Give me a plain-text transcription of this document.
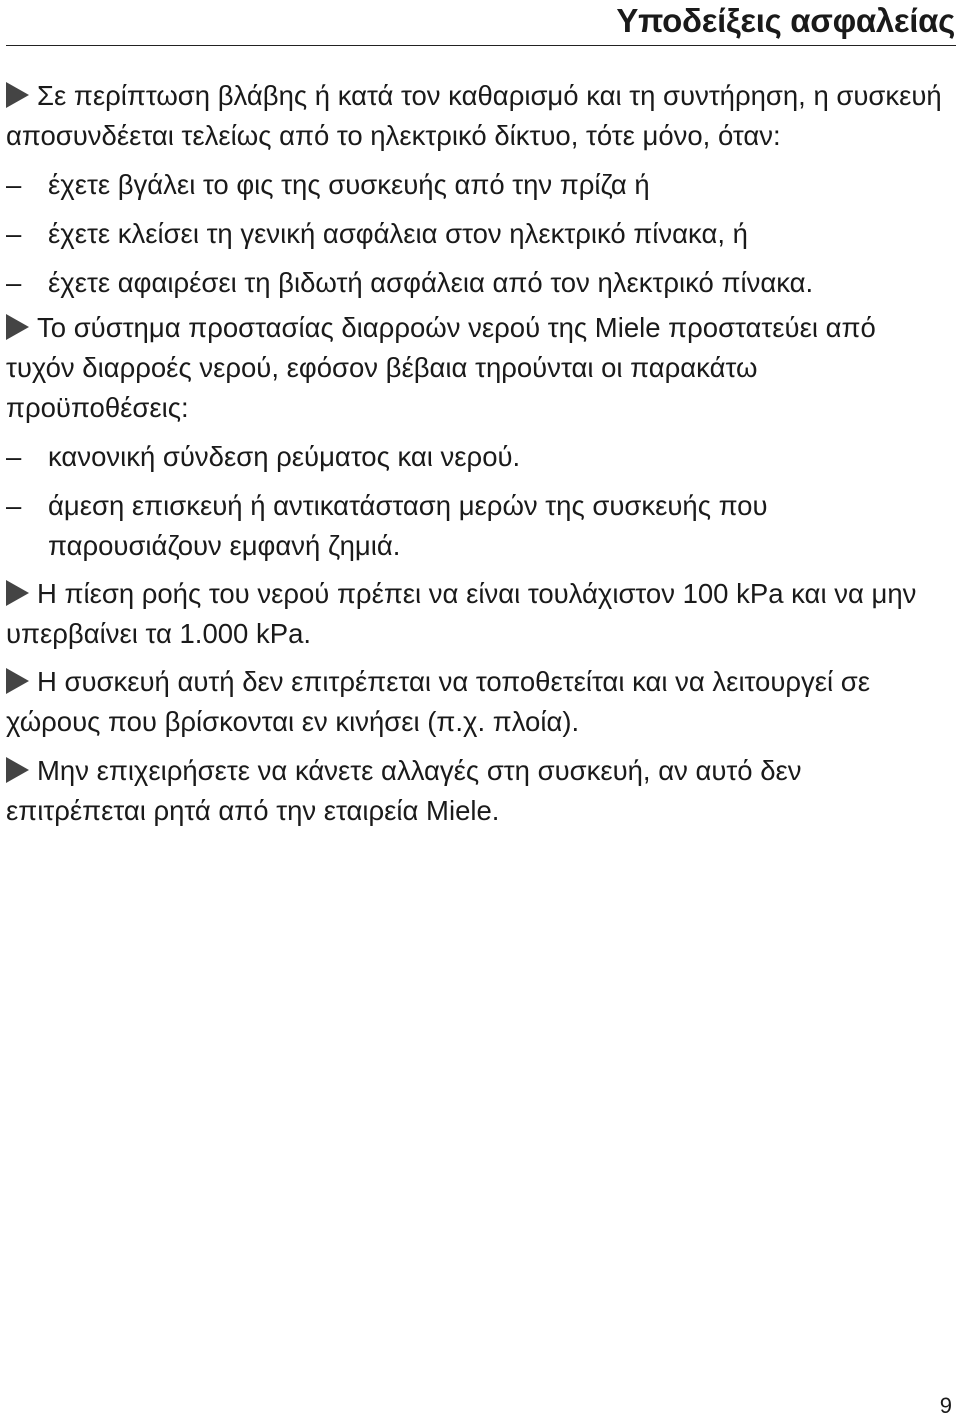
Υποδείξεις ασφαλείας

Σε περίπτωση βλάβης ή κατά τον καθαρισμό και τη συντήρηση, η συσκευή αποσυνδέεται τελείως από το ηλεκτρικό δίκτυο, τότε μόνο, όταν:

– έχετε βγάλει το φις της συσκευής από την πρίζα ή
– έχετε κλείσει τη γενική ασφάλεια στον ηλεκτρικό πίνακα, ή
– έχετε αφαιρέσει τη βιδωτή ασφάλεια από τον ηλεκτρικό πίνακα.

Το σύστημα προστασίας διαρροών νερού της Miele προστατεύει από τυχόν διαρροές νερού, εφόσον βέβαια τηρούνται οι παρακάτω προϋποθέσεις:

– κανονική σύνδεση ρεύματος και νερού.
– άμεση επισκευή ή αντικατάσταση μερών της συσκευής που παρουσιάζουν εμφανή ζημιά.

Η πίεση ροής του νερού πρέπει να είναι τουλάχιστον 100 kPa και να μην υπερβαίνει τα 1.000 kPa.

Η συσκευή αυτή δεν επιτρέπεται να τοποθετείται και να λειτουργεί σε χώρους που βρίσκονται εν κινήσει (π.χ. πλοία).

Μην επιχειρήσετε να κάνετε αλλαγές στη συσκευή, αν αυτό δεν επιτρέπεται ρητά από την εταιρεία Miele.

9
